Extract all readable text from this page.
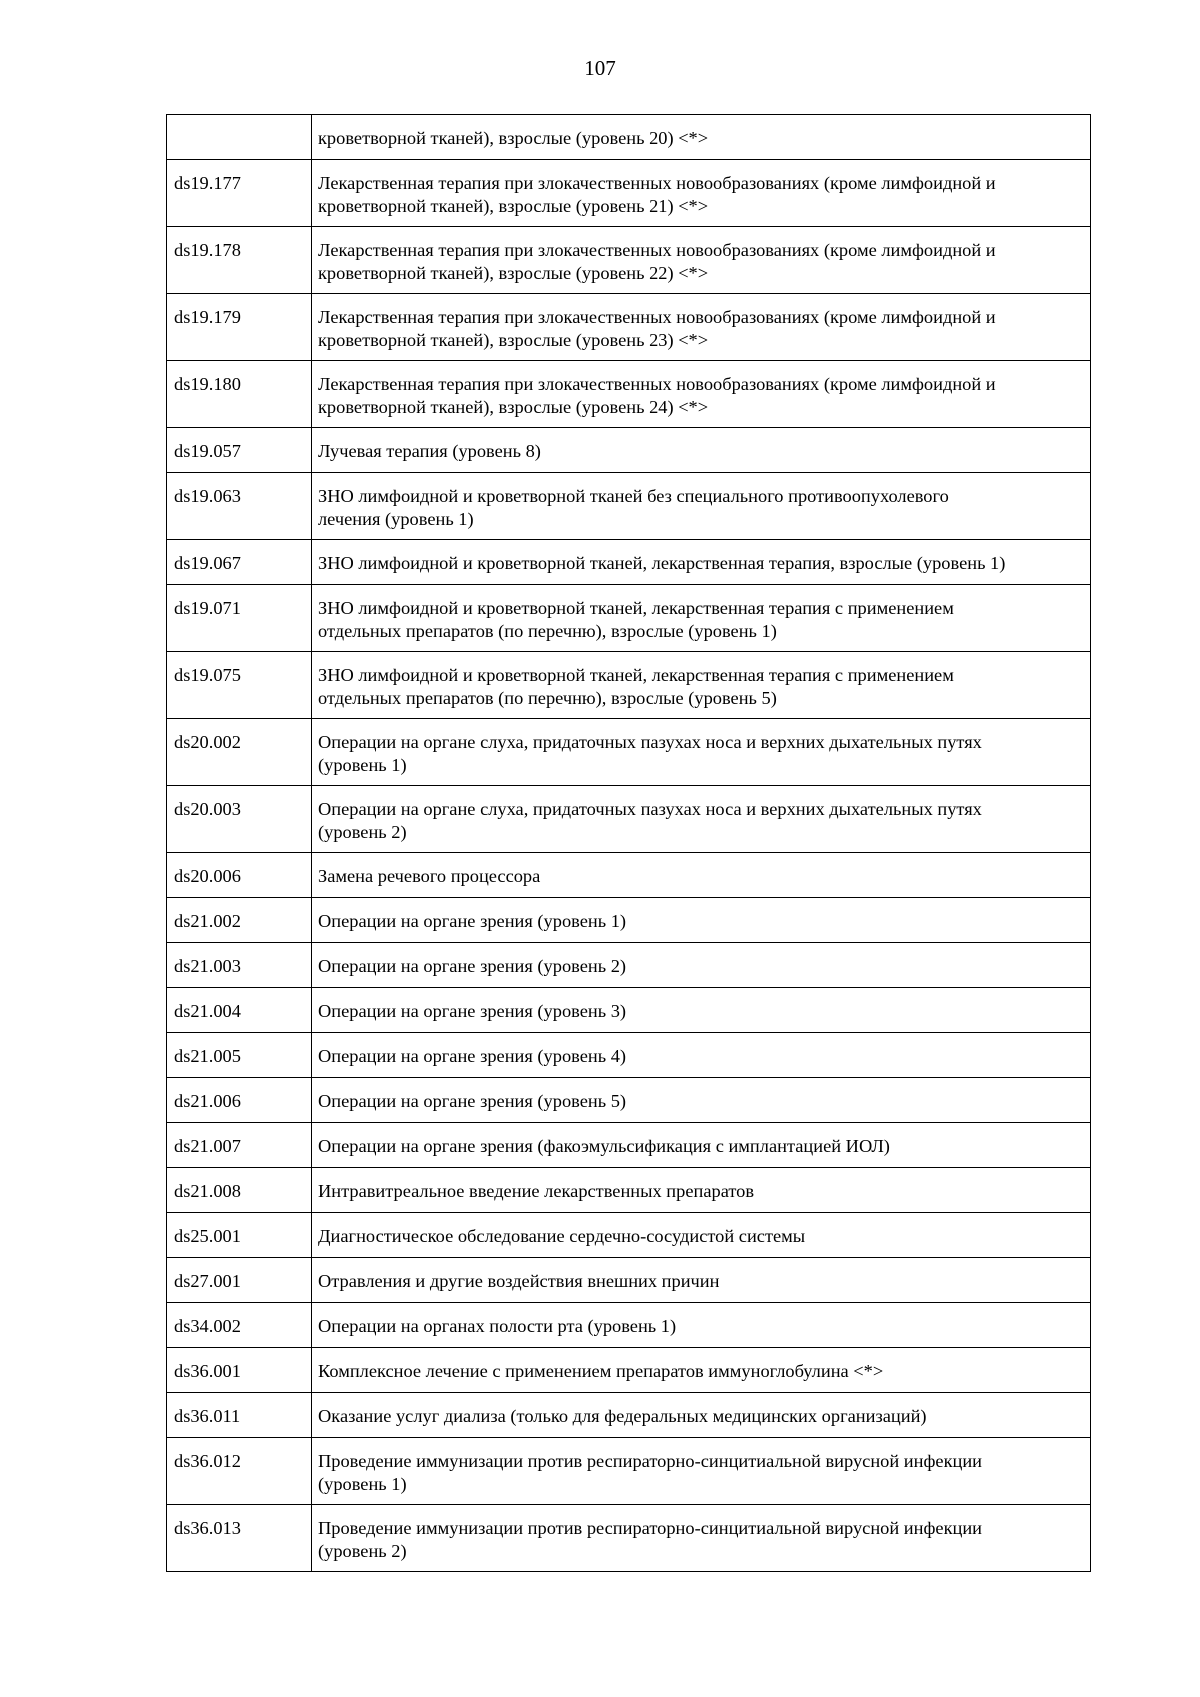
107

	кроветворной тканей), взрослые (уровень 20) <*>

ds19.177	Лекарственная терапия при злокачественных новообразованиях (кроме лимфоидной и
кроветворной тканей), взрослые (уровень 21) <*>

ds19.178	Лекарственная терапия при злокачественных новообразованиях (кроме лимфоидной и
кроветворной тканей), взрослые (уровень 22) <*>

ds19.179	Лекарственная терапия при злокачественных новообразованиях (кроме лимфоидной и
кроветворной тканей), взрослые (уровень 23) <*>

ds19.180	Лекарственная терапия при злокачественных новообразованиях (кроме лимфоидной и
кроветворной тканей), взрослые (уровень 24) <*>

ds19.057	Лучевая терапия (уровень 8)

ds19.063	ЗНО лимфоидной и кроветворной тканей без специального противоопухолевого
лечения (уровень 1)

ds19.067	ЗНО лимфоидной и кроветворной тканей, лекарственная терапия, взрослые (уровень 1)

ds19.071	ЗНО лимфоидной и кроветворной тканей, лекарственная терапия с применением
отдельных препаратов (по перечню), взрослые (уровень 1)

ds19.075	ЗНО лимфоидной и кроветворной тканей, лекарственная терапия с применением
отдельных препаратов (по перечню), взрослые (уровень 5)

ds20.002	Операции на органе слуха, придаточных пазухах носа и верхних дыхательных путях
(уровень 1)

ds20.003	Операции на органе слуха, придаточных пазухах носа и верхних дыхательных путях
(уровень 2)

ds20.006	Замена речевого процессора

ds21.002	Операции на органе зрения (уровень 1)

ds21.003	Операции на органе зрения (уровень 2)

ds21.004	Операции на органе зрения (уровень 3)

ds21.005	Операции на органе зрения (уровень 4)

ds21.006	Операции на органе зрения (уровень 5)

ds21.007	Операции на органе зрения (факоэмульсификация с имплантацией ИОЛ)

ds21.008	Интравитреальное введение лекарственных препаратов

ds25.001	Диагностическое обследование сердечно-сосудистой системы

ds27.001	Отравления и другие воздействия внешних причин

ds34.002	Операции на органах полости рта (уровень 1)

ds36.001	Комплексное лечение с применением препаратов иммуноглобулина <*>

ds36.011	Оказание услуг диализа (только для федеральных медицинских организаций)

ds36.012	Проведение иммунизации против респираторно-синцитиальной вирусной инфекции
(уровень 1)

ds36.013	Проведение иммунизации против респираторно-синцитиальной вирусной инфекции
(уровень 2)
